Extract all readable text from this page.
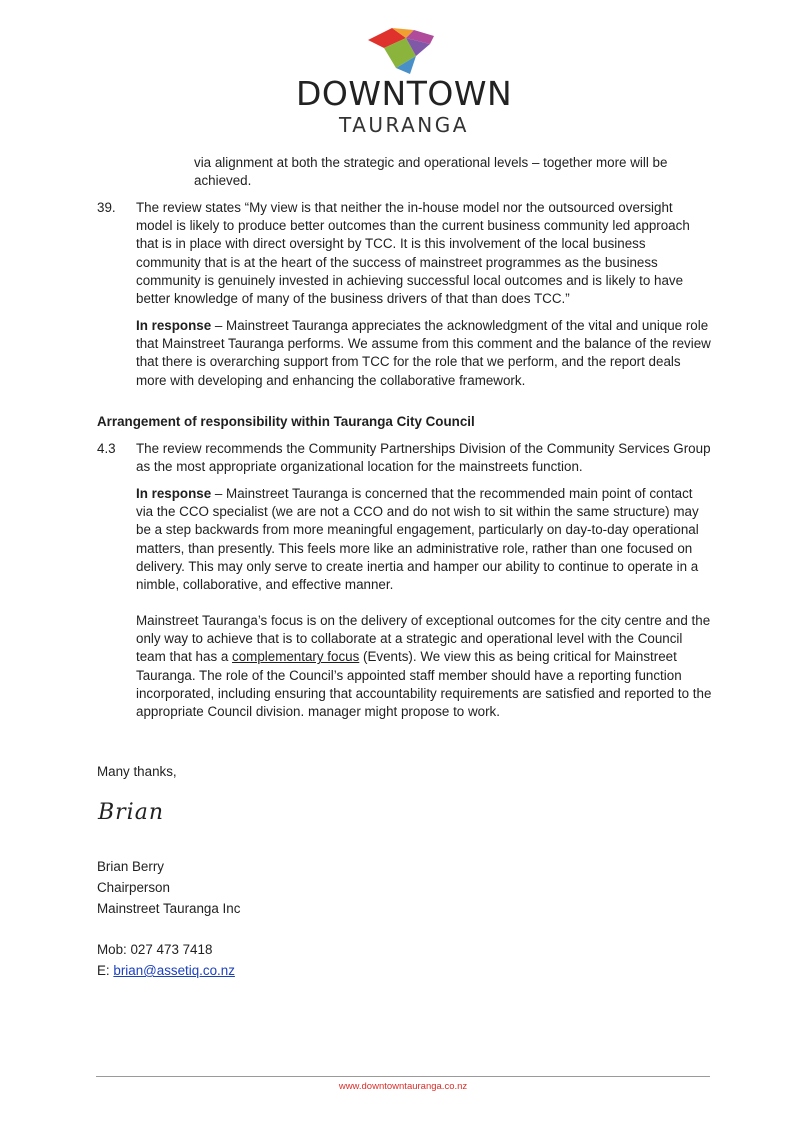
DOWNTOWN
TAURANGA

via alignment at both the strategic and operational levels – together more will be achieved.

39. The review states “My view is that neither the in-house model nor the outsourced oversight model is likely to produce better outcomes than the current business community led approach that is in place with direct oversight by TCC. It is this involvement of the local business community that is at the heart of the success of mainstreet programmes as the business community is genuinely invested in achieving successful local outcomes and is likely to have better knowledge of many of the business drivers of that than does TCC.”

In response – Mainstreet Tauranga appreciates the acknowledgment of the vital and unique role that Mainstreet Tauranga performs. We assume from this comment and the balance of the review that there is overarching support from TCC for the role that we perform, and the report deals more with developing and enhancing the collaborative framework.

Arrangement of responsibility within Tauranga City Council

4.3 The review recommends the Community Partnerships Division of the Community Services Group as the most appropriate organizational location for the mainstreets function.

In response – Mainstreet Tauranga is concerned that the recommended main point of contact via the CCO specialist (we are not a CCO and do not wish to sit within the same structure) may be a step backwards from more meaningful engagement, particularly on day-to-day operational matters, than presently. This feels more like an administrative role, rather than one focused on delivery. This may only serve to create inertia and hamper our ability to continue to operate in a nimble, collaborative, and effective manner.

Mainstreet Tauranga’s focus is on the delivery of exceptional outcomes for the city centre and the only way to achieve that is to collaborate at a strategic and operational level with the Council team that has a complementary focus (Events). We view this as being critical for Mainstreet Tauranga. The role of the Council’s appointed staff member should have a reporting function incorporated, including ensuring that accountability requirements are satisfied and reported to the appropriate Council division. manager might propose to work.

Many thanks,

Brian

Brian Berry

Chairperson

Mainstreet Tauranga Inc

Mob: 027 473 7418

E: brian@assetiq.co.nz

www.downtowntauranga.co.nz
